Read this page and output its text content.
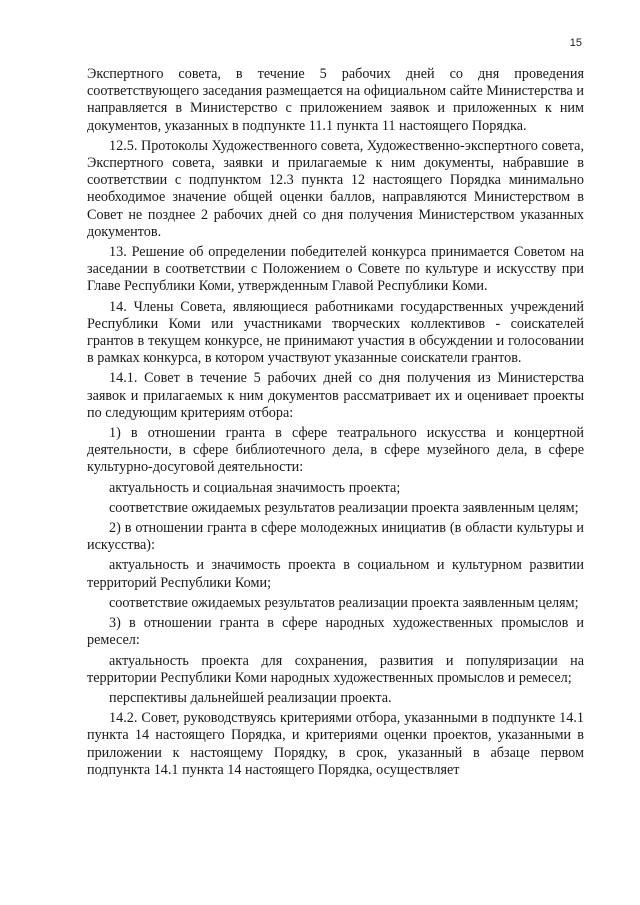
15

Экспертного совета, в течение 5 рабочих дней со дня проведения соответствующего заседания размещается на официальном сайте Министерства и направляется в Министерство с приложением заявок и приложенных к ним документов, указанных в подпункте 11.1 пункта 11 настоящего Порядка.

12.5. Протоколы Художественного совета, Художественно-экспертного совета, Экспертного совета, заявки и прилагаемые к ним документы, набравшие в соответствии с подпунктом 12.3 пункта 12 настоящего Порядка минимально необходимое значение общей оценки баллов, направляются Министерством в Совет не позднее 2 рабочих дней со дня получения Министерством указанных документов.

13. Решение об определении победителей конкурса принимается Советом на заседании в соответствии с Положением о Совете по культуре и искусству при Главе Республики Коми, утвержденным Главой Республики Коми.

14. Члены Совета, являющиеся работниками государственных учреждений Республики Коми или участниками творческих коллективов - соискателей грантов в текущем конкурсе, не принимают участия в обсуждении и голосовании в рамках конкурса, в котором участвуют указанные соискатели грантов.

14.1. Совет в течение 5 рабочих дней со дня получения из Министерства заявок и прилагаемых к ним документов рассматривает их и оценивает проекты по следующим критериям отбора:

1) в отношении гранта в сфере театрального искусства и концертной деятельности, в сфере библиотечного дела, в сфере музейного дела, в сфере культурно-досуговой деятельности:

актуальность и социальная значимость проекта;

соответствие ожидаемых результатов реализации проекта заявленным целям;

2) в отношении гранта в сфере молодежных инициатив (в области культуры и искусства):

актуальность и значимость проекта в социальном и культурном развитии территорий Республики Коми;

соответствие ожидаемых результатов реализации проекта заявленным целям;

3) в отношении гранта в сфере народных художественных промыслов и ремесел:

актуальность проекта для сохранения, развития и популяризации на территории Республики Коми народных художественных промыслов и ремесел;

перспективы дальнейшей реализации проекта.

14.2. Совет, руководствуясь критериями отбора, указанными в подпункте 14.1 пункта 14 настоящего Порядка, и критериями оценки проектов, указанными в приложении к настоящему Порядку, в срок, указанный в абзаце первом подпункта 14.1 пункта 14 настоящего Порядка, осуществляет
